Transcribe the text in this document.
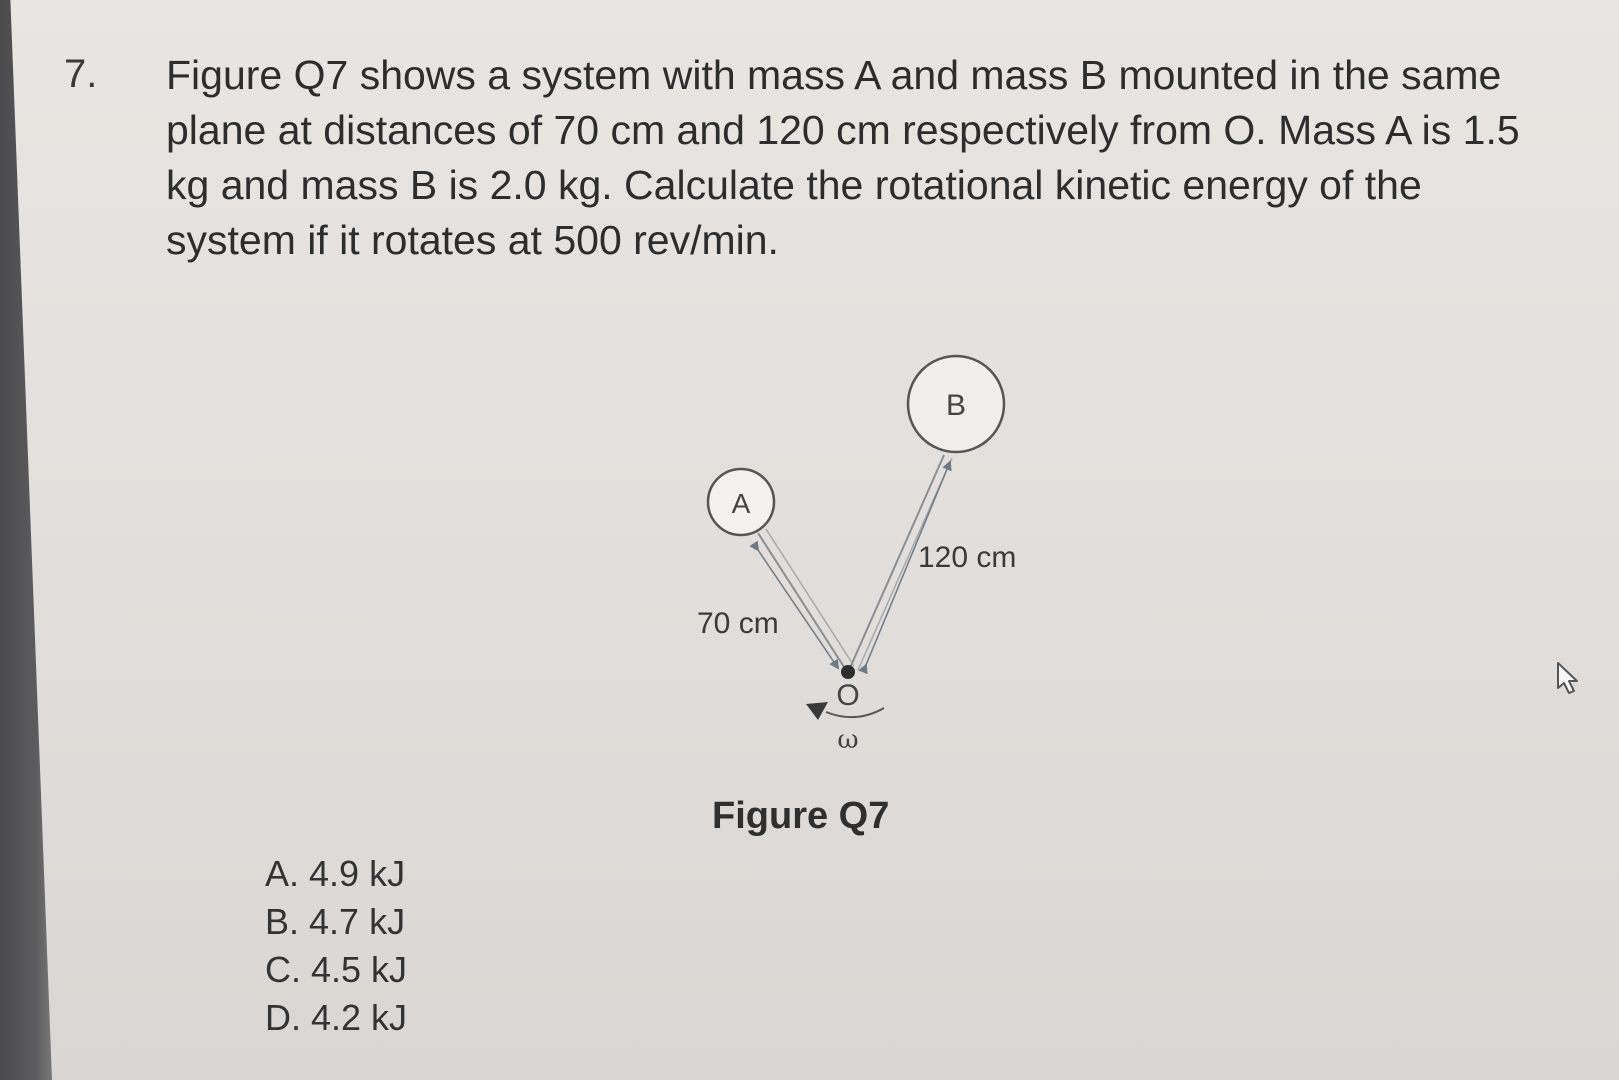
7. Figure Q7 shows a system with mass A and mass B mounted in the same plane at distances of 70 cm and 120 cm respectively from O. Mass A is 1.5 kg and mass B is 2.0 kg. Calculate the rotational kinetic energy of the system if it rotates at 500 rev/min.

A
B
70 cm
120 cm
O
ω
Figure Q7
A. 4.9 kJ
B. 4.7 kJ
C. 4.5 kJ
D. 4.2 kJ
